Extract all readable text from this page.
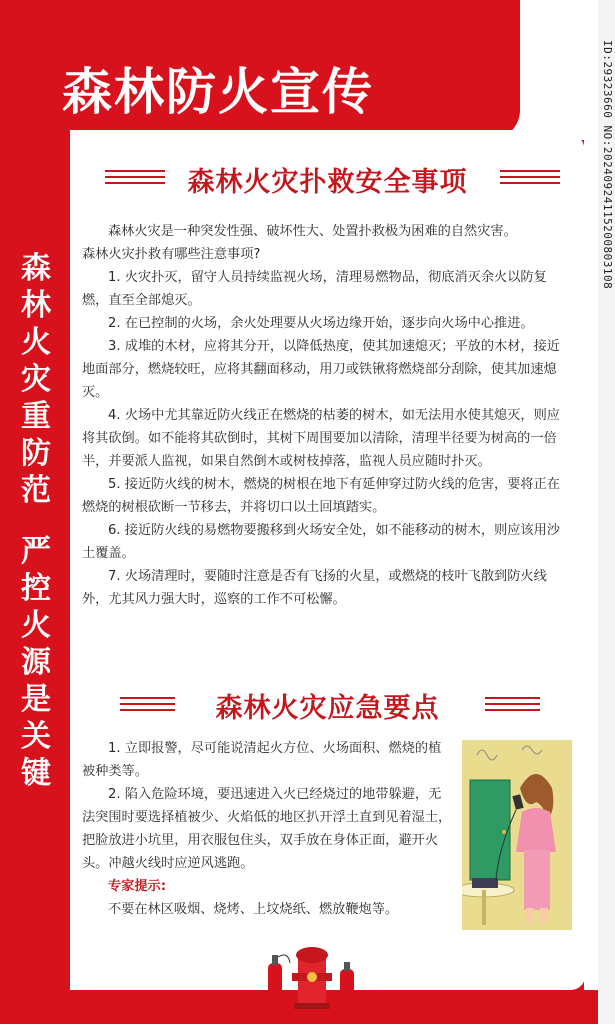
森林防火宣传	ID:29323660 NO:20240924115200803108
森
林
火
灾
重
防
范
严
控
火
源
是
关
键
森林火灾扑救安全事项

森林火灾是一种突发性强、破坏性大、处置扑救极为困难的自然灾害。

森林火灾扑救有哪些注意事项?

1. 火灾扑灭，留守人员持续监视火场，清理易燃物品，彻底消灭余火以防复燃，直至全部熄灭。

2. 在已控制的火场，余火处理要从火场边缘开始，逐步向火场中心推进。

3. 成堆的木材，应将其分开，以降低热度，使其加速熄灭；平放的木材，接近地面部分，燃烧较旺，应将其翻面移动，用刀或铁锹将燃烧部分刮除，使其加速熄灭。

4. 火场中尤其靠近防火线正在燃烧的枯萎的树木，如无法用水使其熄灭，则应将其砍倒。如不能将其砍倒时，其树下周围要加以清除，清理半径要为树高的一倍半，并要派人监视，如果自然倒木或树枝掉落，监视人员应随时扑灭。

5. 接近防火线的树木，燃烧的树根在地下有延伸穿过防火线的危害，要将正在燃烧的树根砍断一节移去，并将切口以土回填踏实。

6. 接近防火线的易燃物要搬移到火场安全处，如不能移动的树木，则应该用沙土覆盖。

7. 火场清理时，要随时注意是否有飞扬的火星，或燃烧的枝叶飞散到防火线外，尤其风力强大时，巡察的工作不可松懈。

森林火灾应急要点

1. 立即报警，尽可能说清起火方位、火场面积、燃烧的植被种类等。

2. 陷入危险环境，要迅速进入火已经烧过的地带躲避，无法突围时要选择植被少、火焰低的地区扒开浮土直到见着湿土，把脸放进小坑里，用衣服包住头，双手放在身体正面，避开火头。冲越火线时应逆风逃跑。

专家提示:

不要在林区吸烟、烧烤、上坟烧纸、燃放鞭炮等。
